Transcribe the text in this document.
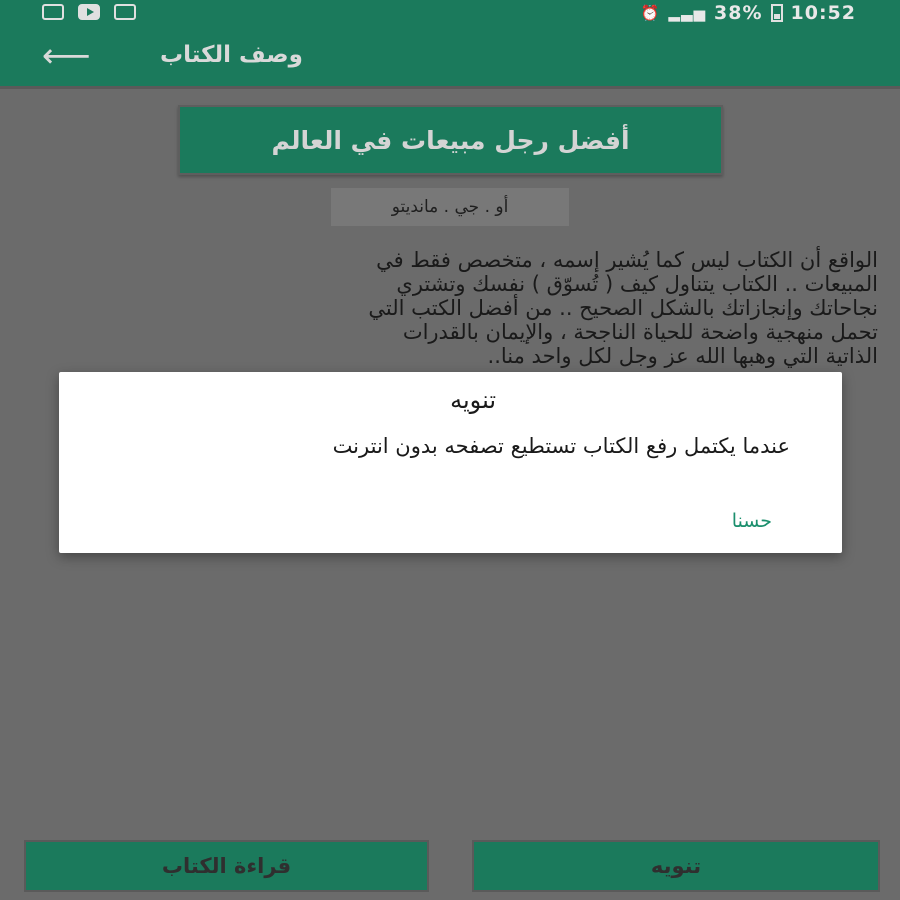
⏰ ▂▃▅ 38% 10:52
⟵	وصف الكتاب
أفضل رجل مبيعات في العالم
أو . جي . مانديتو
الواقع أن الكتاب ليس كما يُشير إسمه ، متخصص فقط في
المبيعات .. الكتاب يتناول كيف ( تُسوّق ) نفسك وتشتري
نجاحاتك وإنجازاتك بالشكل الصحيح .. من أفضل الكتب التي
تحمل منهجية واضحة للحياة الناجحة ، والإيمان بالقدرات
الذاتية التي وهبها الله عز وجل لكل واحد منا..
قراءة الكتاب	تنويه
تنويه
عندما يكتمل رفع الكتاب تستطيع تصفحه بدون انترنت
حسنا
